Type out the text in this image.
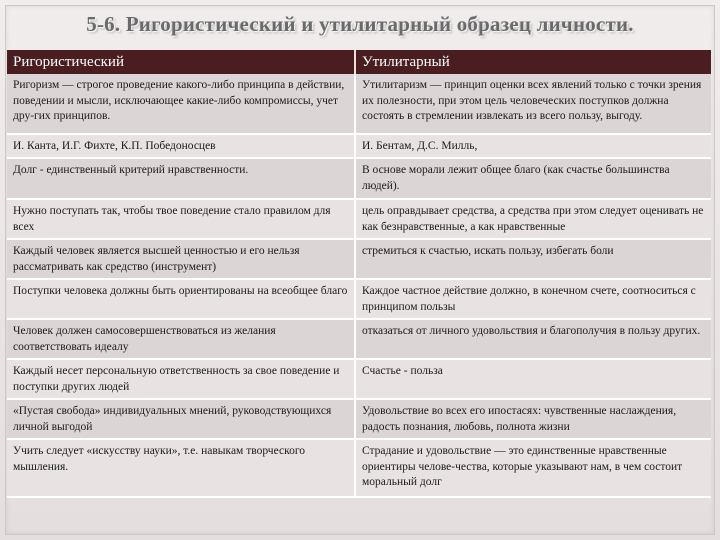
5-6. Ригористический и утилитарный образец личности.
Ригористический	Утилитарный
Ригоризм — строгое проведение какого-либо принципа в действии, поведении и мысли, исключающее какие-либо компромиссы, учет дру-гих принципов.	Утилитаризм — принцип оценки всех явлений только с точки зрения их полезности, при этом цель человеческих поступков должна состоять в стремлении извлекать из всего пользу, выгоду.
И. Канта, И.Г. Фихте, К.П. Победоносцев	И. Бентам, Д.С. Милль,
Долг - единственный критерий нравственности.	В основе морали лежит общее благо (как счастье большинства людей).
Нужно поступать так, чтобы твое поведение стало правилом для всех	цель оправдывает средства, а средства при этом следует оценивать не как безнравственные, а как нравственные
Каждый человек является высшей ценностью и его нельзя рассматривать как средство (инструмент)	стремиться к счастью, искать пользу, избегать боли
Поступки человека должны быть ориентированы на всеобщее благо	Каждое частное действие должно, в конечном счете, соотноситься с принципом пользы
Человек должен самосовершенствоваться из желания соответствовать идеалу	отказаться от личного удовольствия и благополучия в пользу других.
Каждый несет персональную ответственность за свое поведение и поступки других людей	Счастье - польза
«Пустая свобода» индивидуальных мнений, руководствующихся личной выгодой	Удовольствие во всех его ипостасях: чувственные наслаждения, радость познания, любовь, полнота жизни
Учить следует «искусству науки», т.е. навыкам творческого мышления.	Страдание и удовольствие — это единственные нравственные ориентиры челове-чества, которые указывают нам, в чем состоит моральный долг
